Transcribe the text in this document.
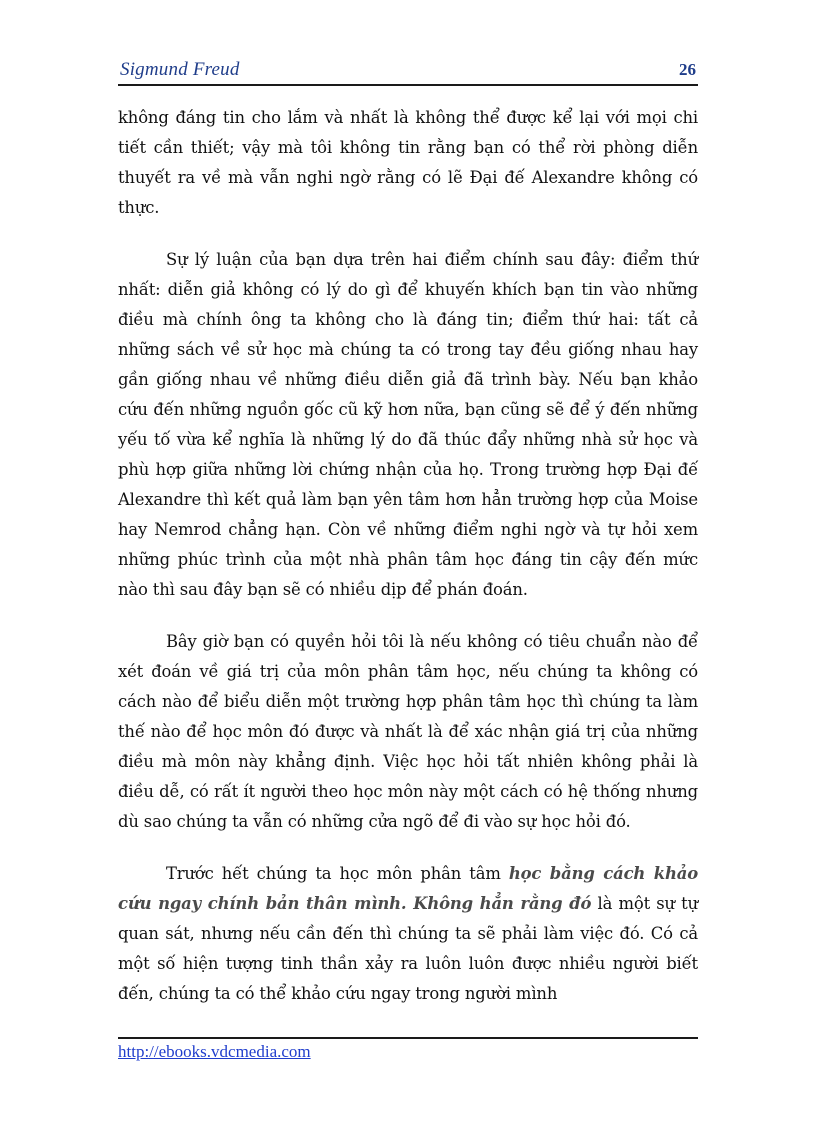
Sigmund Freud	26

không đáng tin cho lắm và nhất là không thể được kể lại với mọi chi tiết cần thiết; vậy mà tôi không tin rằng bạn có thể rời phòng diễn thuyết ra về mà vẫn nghi ngờ rằng có lẽ Đại đế Alexandre không có thực.

Sự lý luận của bạn dựa trên hai điểm chính sau đây: điểm thứ nhất: diễn giả không có lý do gì để khuyến khích bạn tin vào những điều mà chính ông ta không cho là đáng tin; điểm thứ hai: tất cả những sách về sử học mà chúng ta có trong tay đều giống nhau hay gần giống nhau về những điều diễn giả đã trình bày. Nếu bạn khảo cứu đến những nguồn gốc cũ kỹ hơn nữa, bạn cũng sẽ để ý đến những yếu tố vừa kể nghĩa là những lý do đã thúc đẩy những nhà sử học và phù hợp giữa những lời chứng nhận của họ. Trong trường hợp Đại đế Alexandre thì kết quả làm bạn yên tâm hơn hẳn trường hợp của Moise hay Nemrod chẳng hạn. Còn về những điểm nghi ngờ và tự hỏi xem những phúc trình của một nhà phân tâm học đáng tin cậy đến mức nào thì sau đây bạn sẽ có nhiều dịp để phán đoán.

Bây giờ bạn có quyền hỏi tôi là nếu không có tiêu chuẩn nào để xét đoán về giá trị của môn phân tâm học, nếu chúng ta không có cách nào để biểu diễn một trường hợp phân tâm học thì chúng ta làm thế nào để học môn đó được và nhất là để xác nhận giá trị của những điều mà môn này khẳng định. Việc học hỏi tất nhiên không phải là điều dễ, có rất ít người theo học môn này một cách có hệ thống nhưng dù sao chúng ta vẫn có những cửa ngõ để đi vào sự học hỏi đó.

Trước hết chúng ta học môn phân tâm học bằng cách khảo cứu ngay chính bản thân mình. Không hẳn rằng đó là một sự tự quan sát, nhưng nếu cần đến thì chúng ta sẽ phải làm việc đó. Có cả một số hiện tượng tinh thần xảy ra luôn luôn được nhiều người biết đến, chúng ta có thể khảo cứu ngay trong người mình

http://ebooks.vdcmedia.com
